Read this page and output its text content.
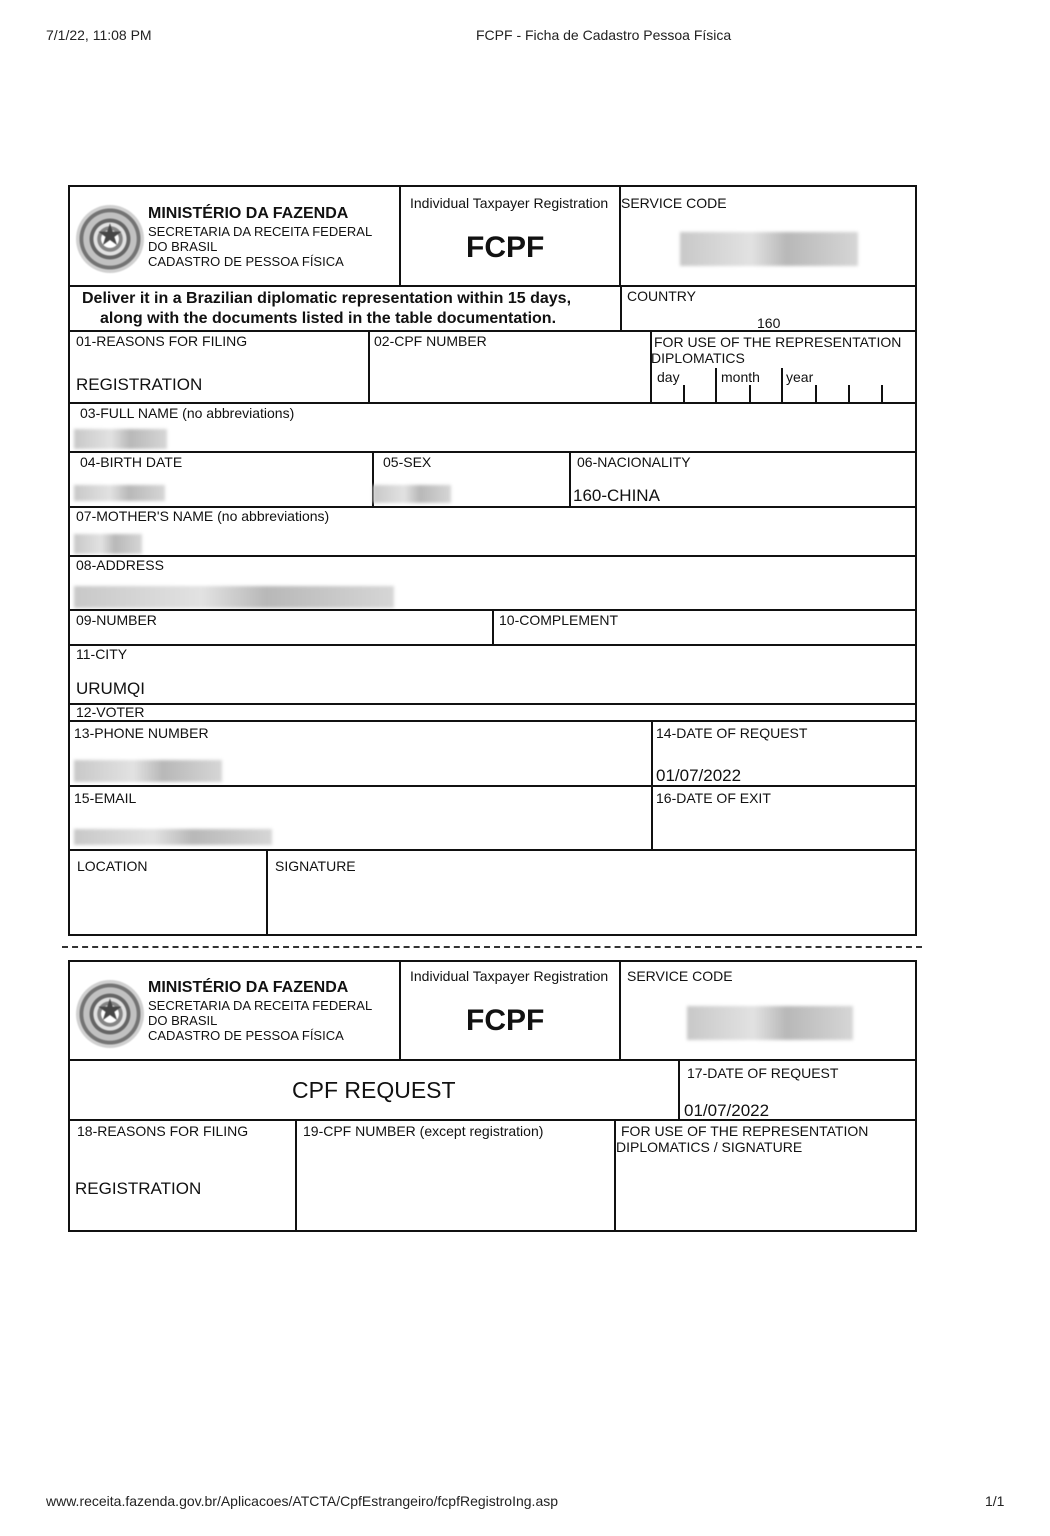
7/1/22, 11:08 PM	FCPF - Ficha de Cadastro Pessoa Física
★
MINISTÉRIO DA FAZENDA
SECRETARIA DA RECEITA FEDERAL
DO BRASIL
CADASTRO DE PESSOA FÍSICA
Individual Taxpayer Registration
FCPF
SERVICE CODE
Deliver it in a Brazilian diplomatic representation within 15 days,
along with the documents listed in the table documentation.
COUNTRY
160
01-REASONS FOR FILING
REGISTRATION
02-CPF NUMBER	FOR USE OF THE REPRESENTATION
DIPLOMATICS
day	month year
03-FULL NAME (no abbreviations)
04-BIRTH DATE	05-SEX	06-NACIONALITY
160-CHINA
07-MOTHER'S NAME (no abbreviations)
08-ADDRESS
09-NUMBER	10-COMPLEMENT
11-CITY
URUMQI
12-VOTER
13-PHONE NUMBER	14-DATE OF REQUEST
01/07/2022
15-EMAIL	16-DATE OF EXIT
LOCATION	SIGNATURE
★
MINISTÉRIO DA FAZENDA
SECRETARIA DA RECEITA FEDERAL
DO BRASIL
CADASTRO DE PESSOA FÍSICA
Individual Taxpayer Registration
FCPF
SERVICE CODE
CPF REQUEST
17-DATE OF REQUEST
01/07/2022
18-REASONS FOR FILING
REGISTRATION
19-CPF NUMBER (except registration)	FOR USE OF THE REPRESENTATION
DIPLOMATICS / SIGNATURE
www.receita.fazenda.gov.br/Aplicacoes/ATCTA/CpfEstrangeiro/fcpfRegistroIng.asp	1/1
